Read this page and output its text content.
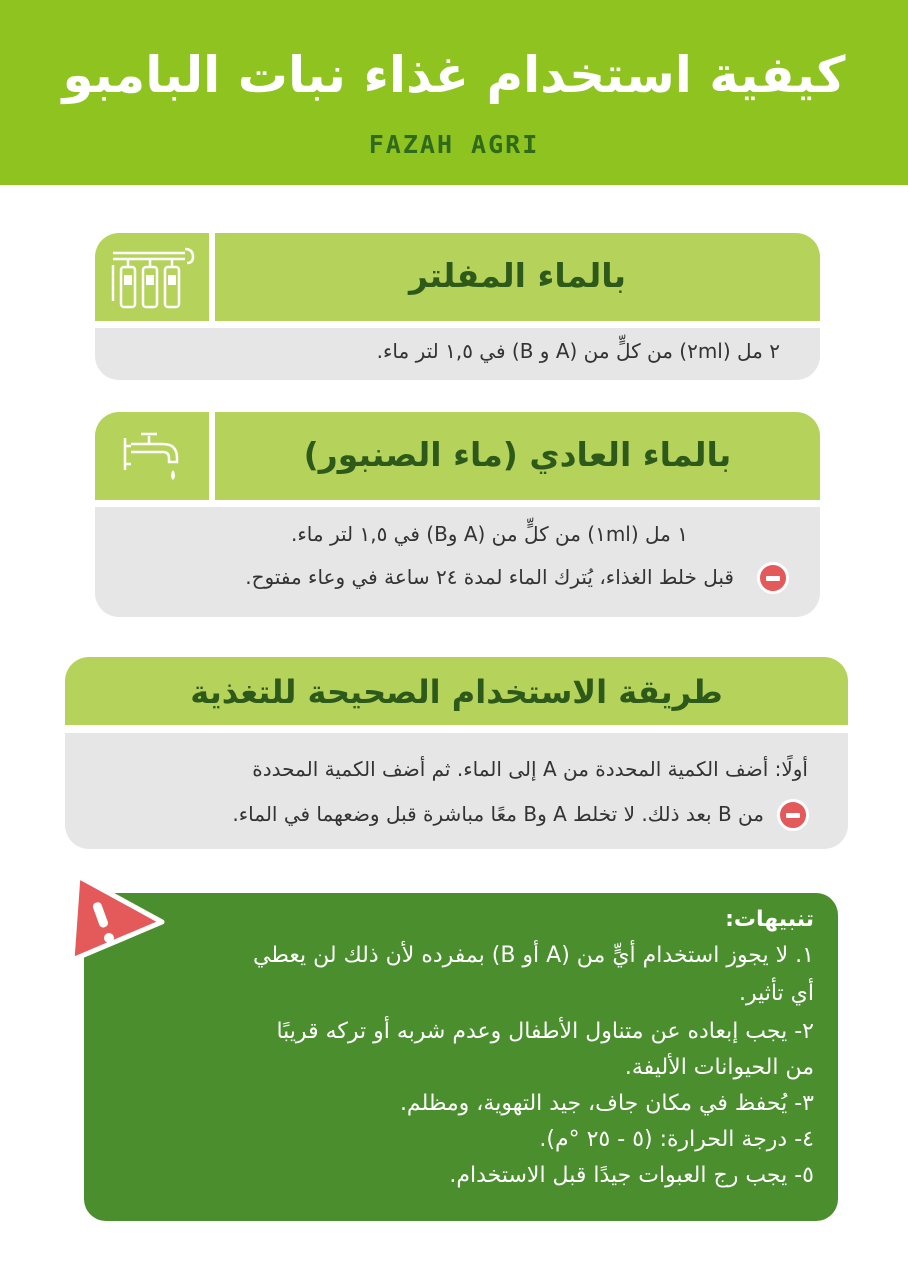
كيفية استخدام غذاء نبات البامبو
FAZAH AGRI
بالماء المفلتر
٢ مل (٢ml) من كلٍّ من (A و B) في ١,٥ لتر ماء.
بالماء العادي (ماء الصنبور)
١ مل (١ml) من كلٍّ من (A وB) في ١,٥ لتر ماء.
قبل خلط الغذاء، يُترك الماء لمدة ٢٤ ساعة في وعاء مفتوح.
طريقة الاستخدام الصحيحة للتغذية
أولًا: أضف الكمية المحددة من A إلى الماء. ثم أضف الكمية المحددة
من B بعد ذلك. لا تخلط A وB معًا مباشرة قبل وضعهما في الماء.
تنبيهات:
١. لا يجوز استخدام أيٍّ من (A أو B) بمفرده لأن ذلك لن يعطي
أي تأثير.
٢- يجب إبعاده عن متناول الأطفال وعدم شربه أو تركه قريبًا
من الحيوانات الأليفة.
٣- يُحفظ في مكان جاف، جيد التهوية، ومظلم.
٤- درجة الحرارة: (٥ - ٢٥ °م).
٥- يجب رج العبوات جيدًا قبل الاستخدام.
